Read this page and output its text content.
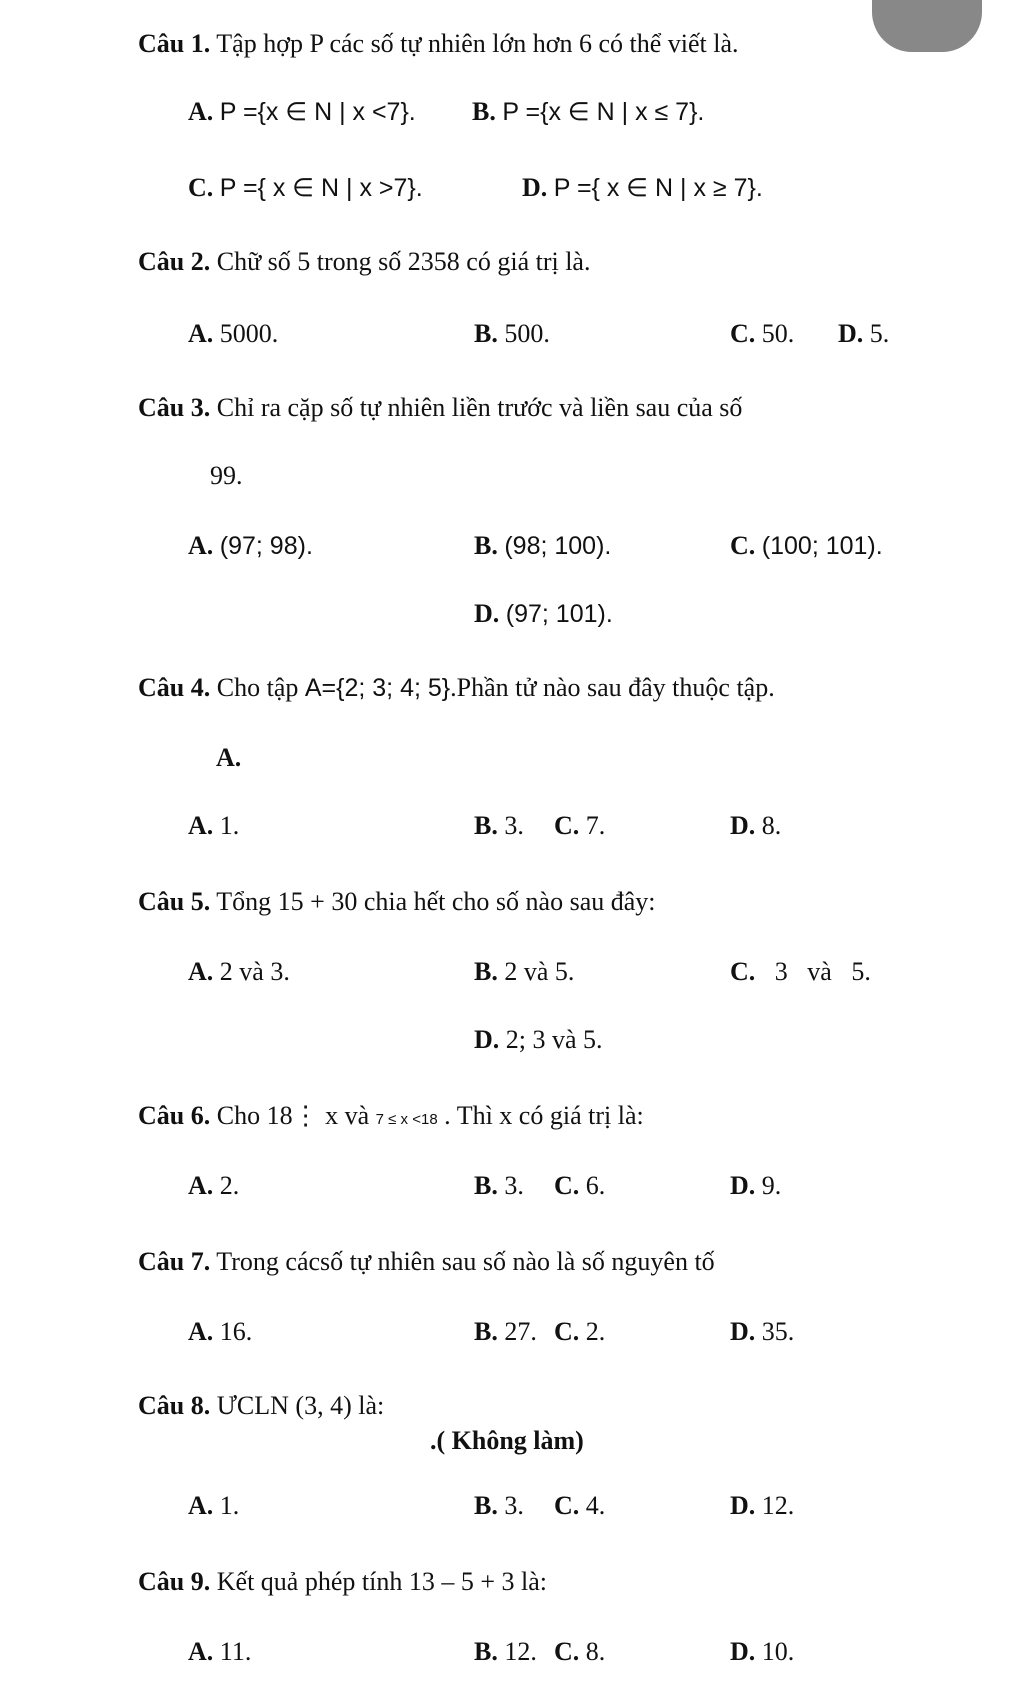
Câu 1. Tập hợp P các số tự nhiên lớn hơn 6 có thể viết là.
A. P ={x ∈ N | x <7}. B. P ={x ∈ N | x ≤ 7}.
C. P ={ x ∈ N | x >7}.	D. P ={ x ∈ N | x ≥ 7}.
Câu 2. Chữ số 5 trong số 2358 có giá trị là.
A. 5000.	B. 500.	C. 50. D. 5.
Câu 3. Chỉ ra cặp số tự nhiên liền trước và liền sau của số
99.
A. (97; 98).	B. (98; 100).	C. (100; 101).
D. (97; 101).
Câu 4. Cho tập A={2; 3; 4; 5}.Phần tử nào sau đây thuộc tập.
A.
A. 1.	B. 3. C. 7.	D. 8.
Câu 5. Tổng 15 + 30 chia hết cho số nào sau đây:
A. 2 và 3.	B. 2 và 5.	C. 3   và   5.
D. 2; 3 và 5.
Câu 6. Cho 18⋮ x và 7 ≤ x <18 . Thì x có giá trị là:
A. 2.	B. 3. C. 6.	D. 9.
Câu 7. Trong cácsố tự nhiên sau số nào là số nguyên tố
A. 16.	B. 27. C. 2.	D. 35.
Câu 8. ƯCLN (3, 4) là:
.( Không làm)
A. 1.	B. 3. C. 4.	D. 12.
Câu 9. Kết quả phép tính 13 – 5 + 3 là:
A. 11.	B. 12. C. 8.	D. 10.
